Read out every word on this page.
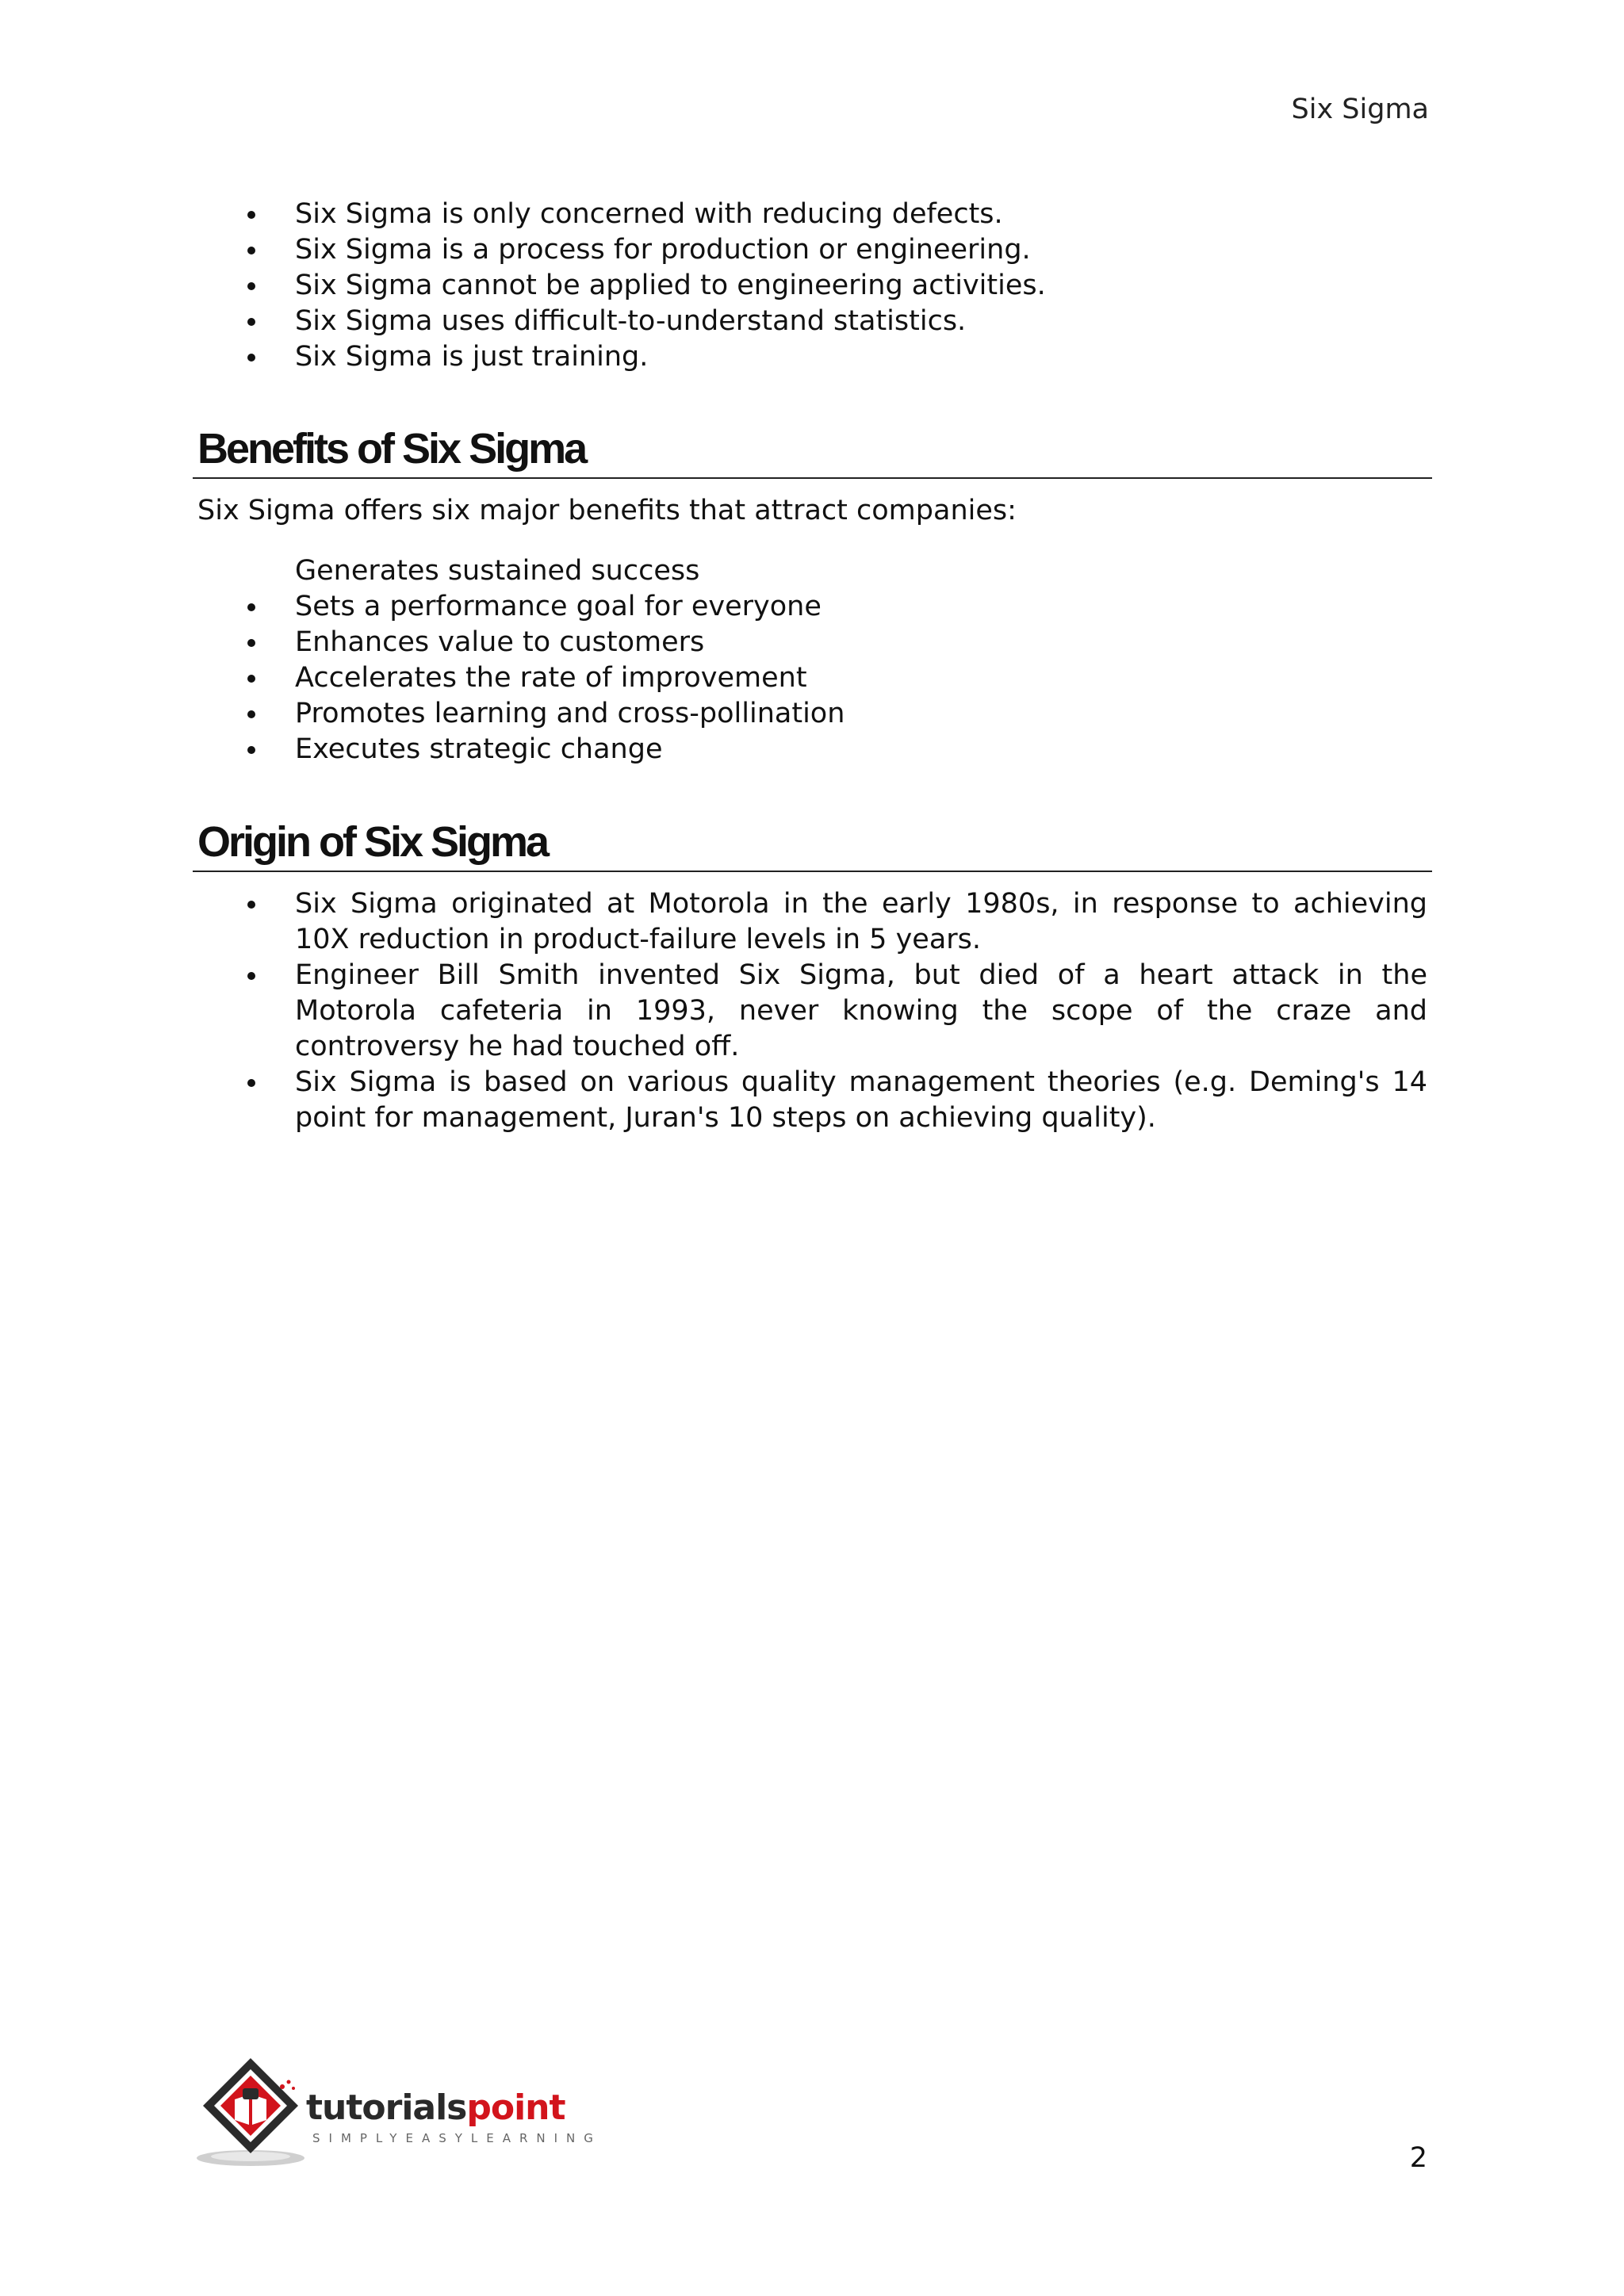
Six Sigma
Six Sigma is only concerned with reducing defects.
Six Sigma is a process for production or engineering.
Six Sigma cannot be applied to engineering activities.
Six Sigma uses difficult-to-understand statistics.
Six Sigma is just training.
Benefits of Six Sigma
Six Sigma offers six major benefits that attract companies:
Generates sustained success
Sets a performance goal for everyone
Enhances value to customers
Accelerates the rate of improvement
Promotes learning and cross-pollination
Executes strategic change
Origin of Six Sigma
Six Sigma originated at Motorola in the early 1980s, in response to achieving 10X reduction in product-failure levels in 5 years.
Engineer Bill Smith invented Six Sigma, but died of a heart attack in the Motorola cafeteria in 1993, never knowing the scope of the craze and controversy he had touched off.
Six Sigma is based on various quality management theories (e.g. Deming's 14 point for management, Juran's 10 steps on achieving quality).
tutorialspoint
SIMPLYEASYLEARNING
2
